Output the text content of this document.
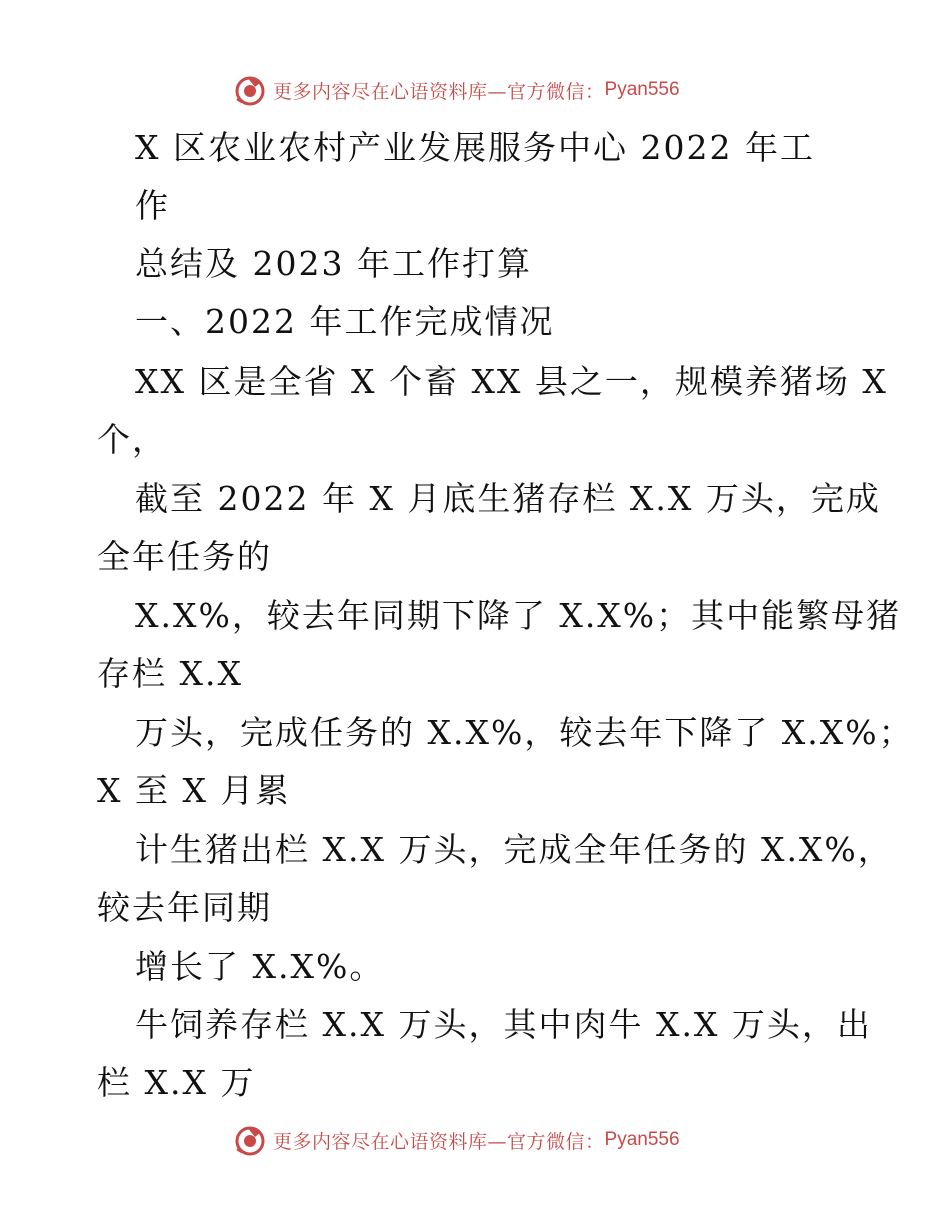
更多内容尽在心语资料库—官方微信： Pyan556
X 区农业农村产业发展服务中心 2022 年工
作
总结及 2023 年工作打算
一、2022 年工作完成情况
XX 区是全省 X 个畜 XX 县之一，规模养猪场 X
个，
截至 2022 年 X 月底生猪存栏 X.X 万头，完成
全年任务的
X.X%，较去年同期下降了 X.X%；其中能繁母猪
存栏 X.X
万头，完成任务的 X.X%，较去年下降了 X.X%；
X 至 X 月累
计生猪出栏 X.X 万头，完成全年任务的 X.X%，
较去年同期
增长了 X.X%。
牛饲养存栏 X.X 万头，其中肉牛 X.X 万头，出
栏 X.X 万
更多内容尽在心语资料库—官方微信： Pyan556
